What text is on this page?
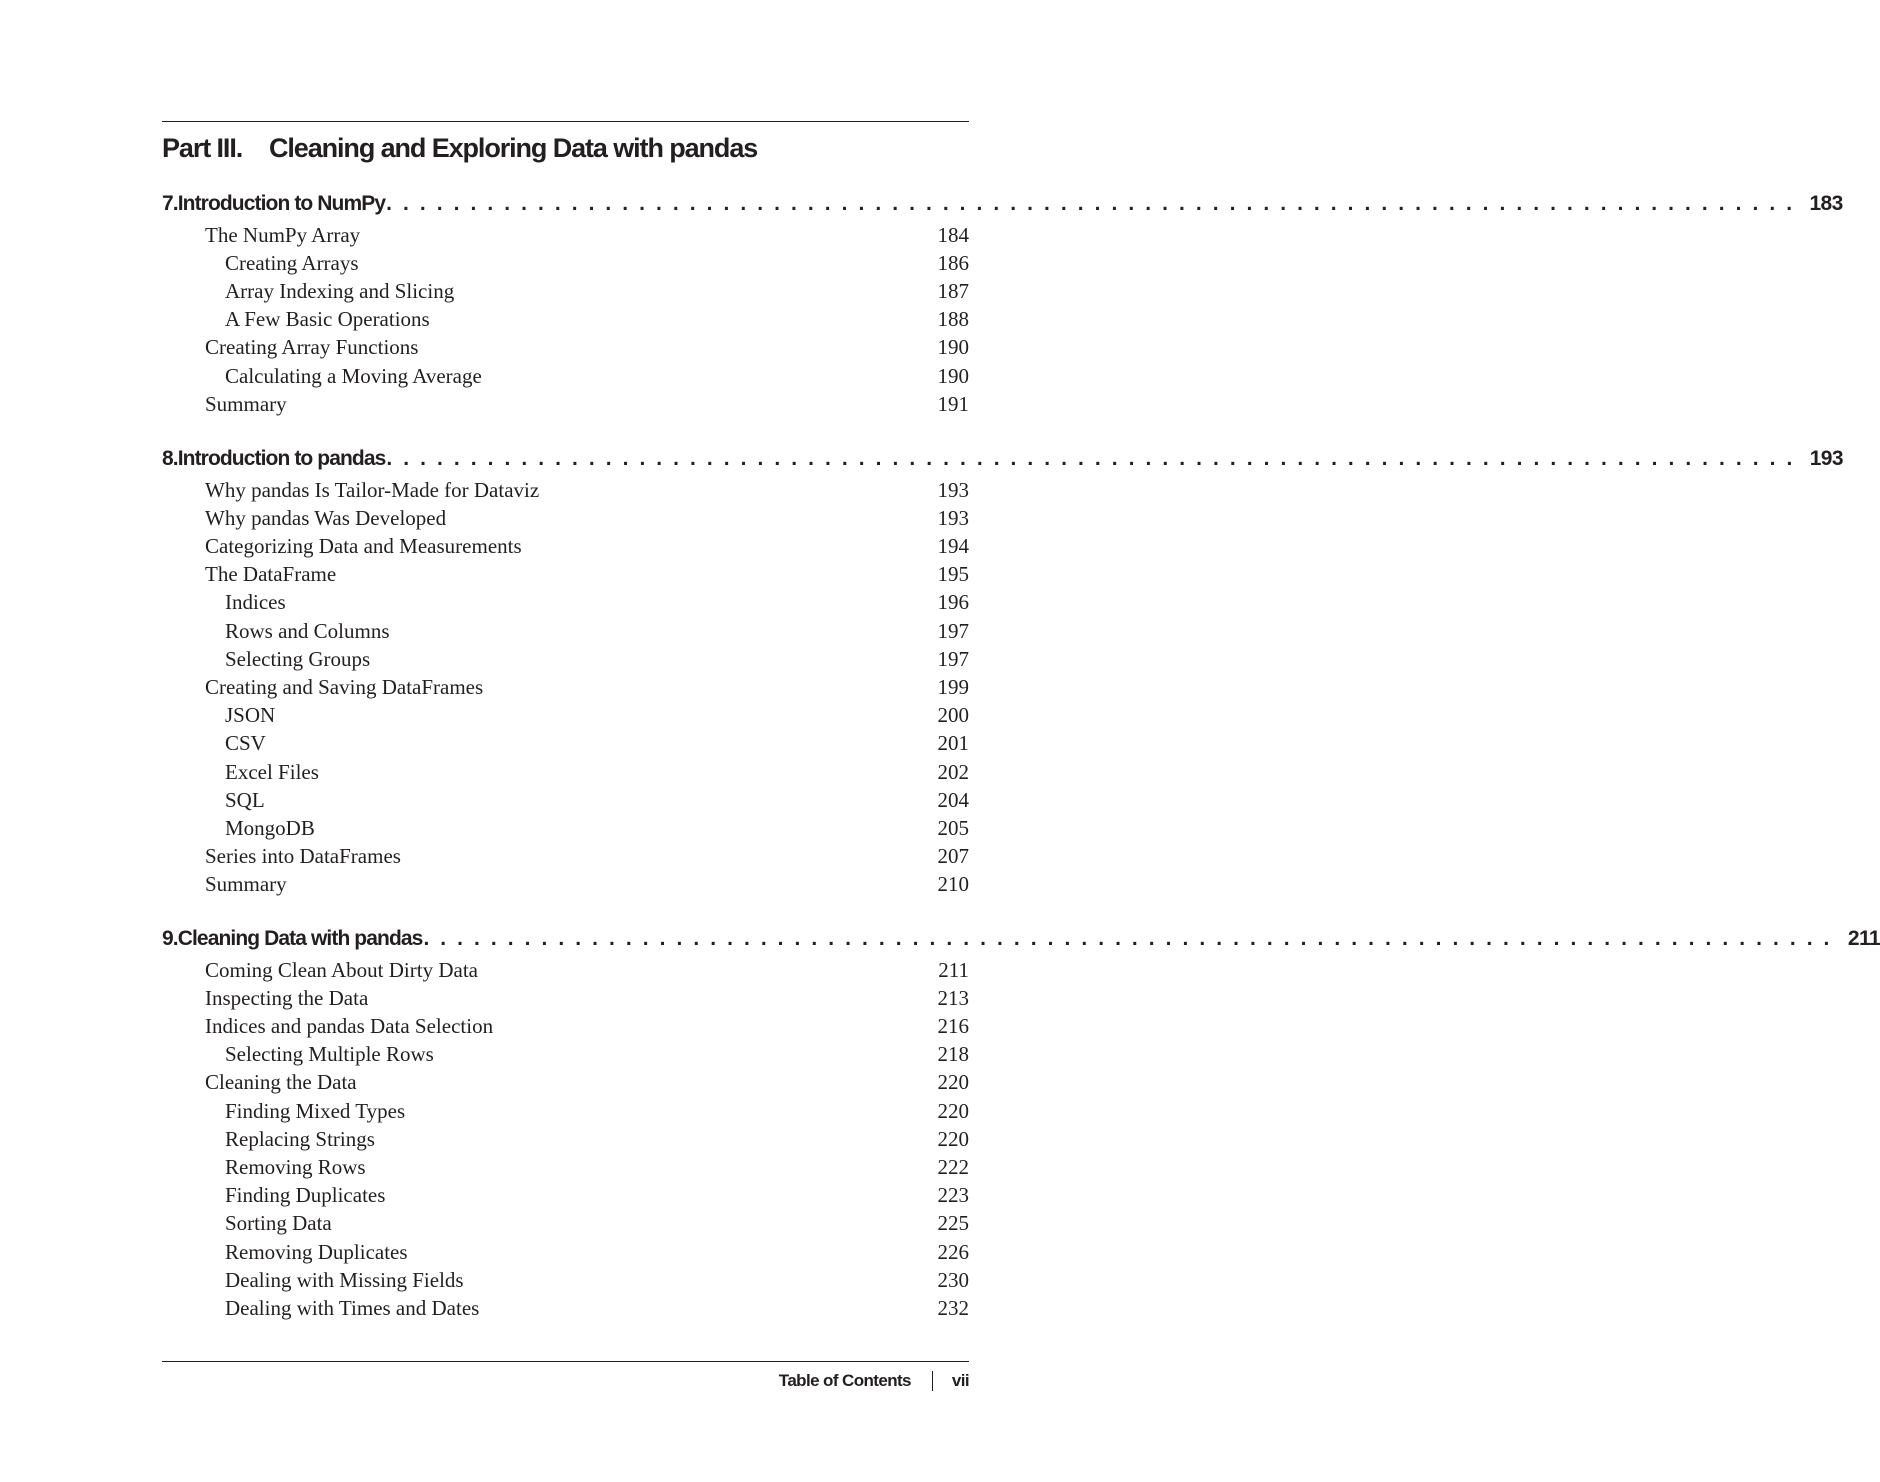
Part III. Cleaning and Exploring Data with pandas
7. Introduction to NumPy . . . . . . . . . . . . . . . . . . . . . . . . . . . . . . . . . . . . . . . . . . . . . . . . . . . . . . . . . . . . . . . . . . . . . . . . . . . . . . . . . . . . 183
The NumPy Array	184
Creating Arrays	186
Array Indexing and Slicing	187
A Few Basic Operations	188
Creating Array Functions	190
Calculating a Moving Average	190
Summary	191
8. Introduction to pandas . . . . . . . . . . . . . . . . . . . . . . . . . . . . . . . . . . . . . . . . . . . . . . . . . . . . . . . . . . . . . . . . . . . . . . . . . . . . . . . . . . . . 193
Why pandas Is Tailor-Made for Dataviz	193
Why pandas Was Developed	193
Categorizing Data and Measurements	194
The DataFrame	195
Indices	196
Rows and Columns	197
Selecting Groups	197
Creating and Saving DataFrames	199
JSON	200
CSV	201
Excel Files	202
SQL	204
MongoDB	205
Series into DataFrames	207
Summary	210
9. Cleaning Data with pandas . . . . . . . . . . . . . . . . . . . . . . . . . . . . . . . . . . . . . . . . . . . . . . . . . . . . . . . . . . . . . . . . . . . . . . . . . . . . . . . . . . . . 211
Coming Clean About Dirty Data	211
Inspecting the Data	213
Indices and pandas Data Selection	216
Selecting Multiple Rows	218
Cleaning the Data	220
Finding Mixed Types	220
Replacing Strings	220
Removing Rows	222
Finding Duplicates	223
Sorting Data	225
Removing Duplicates	226
Dealing with Missing Fields	230
Dealing with Times and Dates	232
Table of Contents vii
